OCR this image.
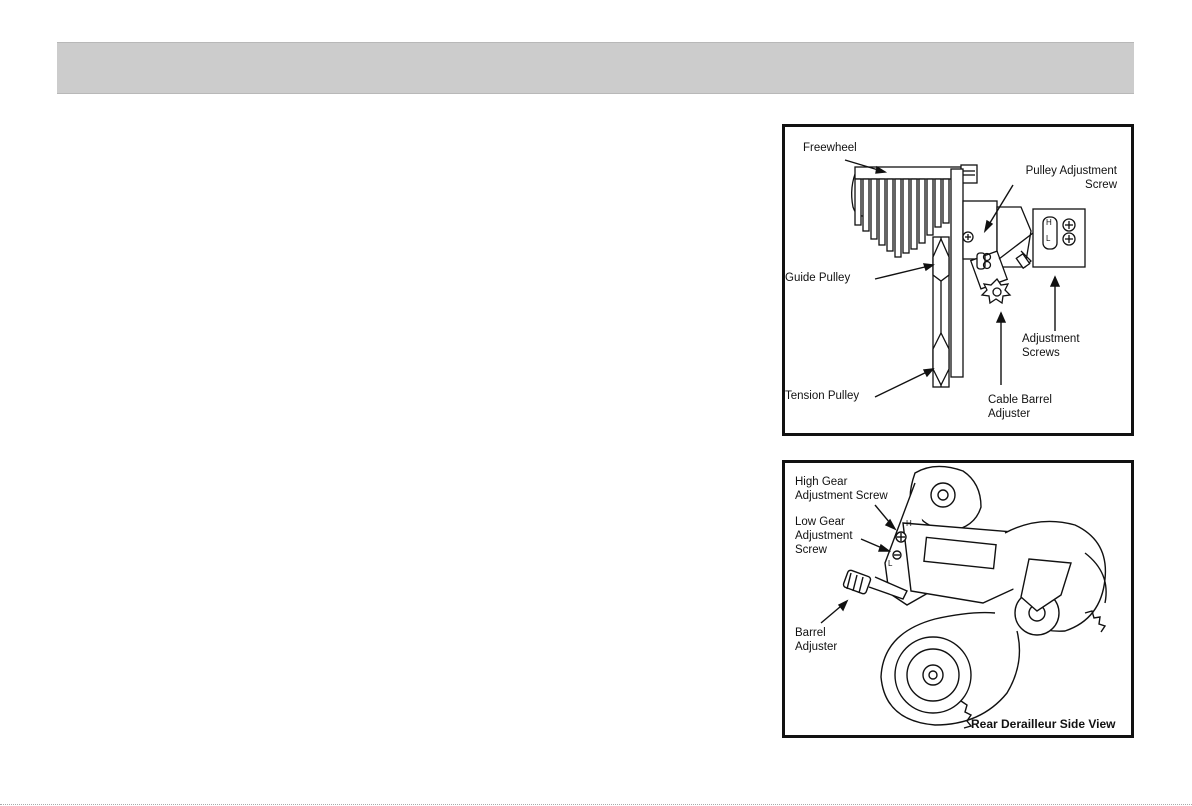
Freewheel
Pulley Adjustment
Screw
Guide Pulley
Adjustment
Screws
Tension Pulley	Cable Barrel
Adjuster
H
L
High Gear
Adjustment Screw
Low Gear
Adjustment
Screw
Barrel
Adjuster
H
L
Rear Derailleur Side View
